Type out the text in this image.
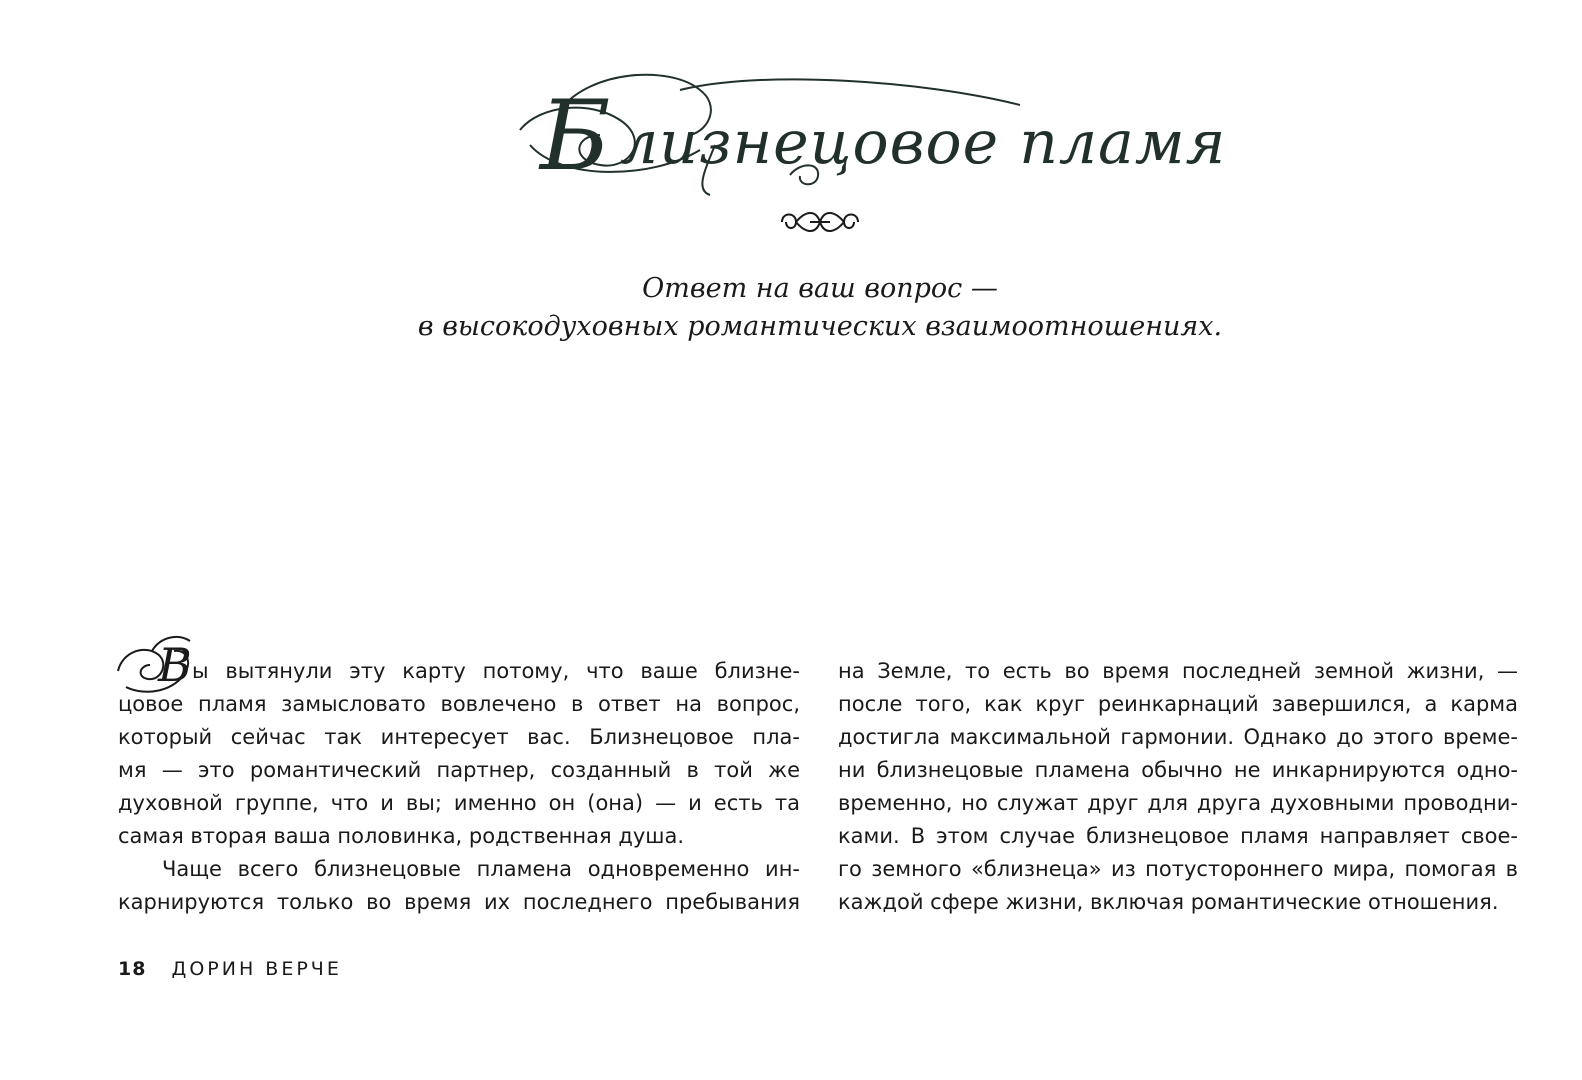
Б лизнецовое пламя
Ответ на ваш вопрос —
в высокодуховных романтических взаимоотношениях.
В ы вытянули эту карту потому, что ваше близне-
цовое пламя замысловато вовлечено в ответ на вопрос,
который сейчас так интересует вас. Близнецовое пла-
мя — это романтический партнер, созданный в той же
духовной группе, что и вы; именно он (она) — и есть та
самая вторая ваша половинка, родственная душа.
Чаще всего близнецовые пламена одновременно ин-
карнируются только во время их последнего пребывания
на Земле, то есть во время последней земной жизни, —
после того, как круг реинкарнаций завершился, а карма
достигла максимальной гармонии. Однако до этого време-
ни близнецовые пламена обычно не инкарнируются одно-
временно, но служат друг для друга духовными проводни-
ками. В этом случае близнецовое пламя направляет свое-
го земного «близнеца» из потустороннего мира, помогая в
каждой сфере жизни, включая романтические отношения.
18 ДОРИН ВЕРЧЕ
